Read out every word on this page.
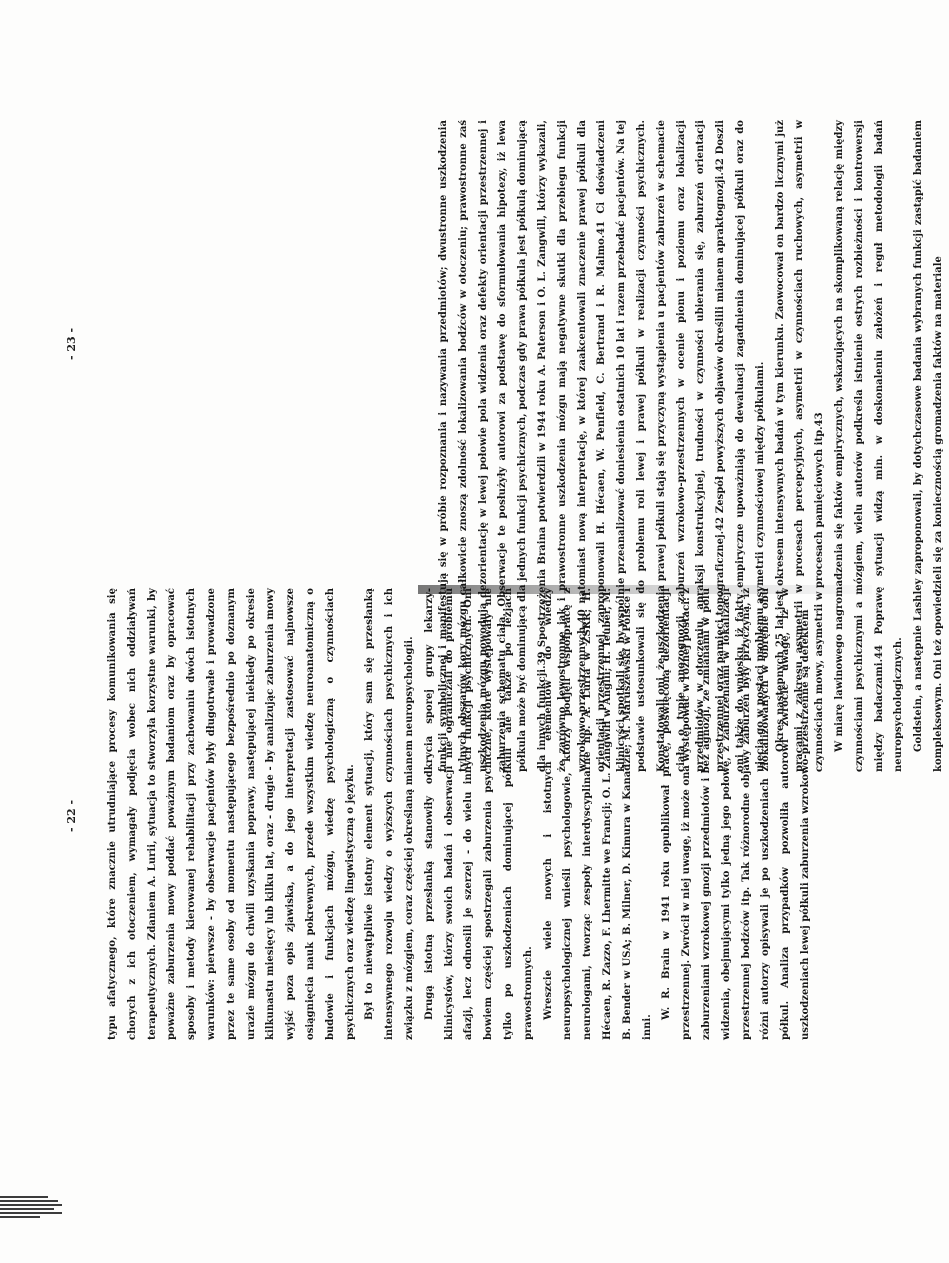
- 22 -
- 23 -

typu afatycznego, które znacznie utrudniające procesy komunikowania się chorych z ich otoczeniem, wymagały podjęcia wobec nich oddziaływań terapeutycznych. Zdaniem A. Lurii, sytuacja to stworzyła korzystne warunki, by poważne zaburzenia mowy poddać poważnym badaniom oraz by opracować sposoby i metody kierowanej rehabilitacji przy zachowaniu dwóch istotnych warunków: pierwsze - by obserwacje pacjentów były długotrwałe i prowadzone przez te same osoby od momentu następującego bezpośrednio po doznanym urazie mózgu do chwili uzyskania poprawy, następującej niekiedy po okresie kilkunastu miesięcy lub kilku lat, oraz - drugie - by analizując zaburzenia mowy wyjść poza opis zjawiska, a do jego interpretacji zastosować najnowsze osiągnięcia nauk pokrewnych, przede wszystkim wiedzę neuroanatomiczną o budowie i funkcjach mózgu, wiedzę psychologiczną o czynnościach psychicznych oraz wiedzę lingwistyczną o języku. Był to niewątpliwie istotny element sytuacji, który sam się przesłanką intensywnego rozwoju wiedzy o wyższych czynnościach psychicznych i ich związku z mózgiem, coraz częściej określaną mianem neuropsychologii. Drugą istotną przesłanką stanowiły odkrycia sporej grupy lekarzy-klinicystów, którzy swoich badań i obserwacji nie ograniczali do problemu afazji, lecz odnosili je szerzej - do wielu innych funkcji psychicznych. Oni bowiem częściej spostrzegali zaburzenia psychiczne, które występowały nie tylko po uszkodzeniach dominującej półkuli ale także po lezjach prawostronnych. Wreszcie wiele nowych i istotnych elementów do wiedzy neuropsychologicznej wnieśli psychologowie, którzy podjęli współpracę z neurologami, tworząc zespoły interdyscyplinarne np. A. Luria w ZSRR; H. Hécaen, R. Zazzo, F. Lhermitte we Francji; O. L. Zangwill w Anglii; H. Teuber, M. B. Bender w USA; B. Milner, D. Kimura w Kanadzie; M. Maruszewski w Polsce i inni.

W. R. Brain w 1941 roku opublikował pracę, poświęconą dezorientacji przestrzennej. Zwrócił w niej uwagę, iż może ona występować w różnej postaci: z zaburzeniami wzrokowej gnozji przedmiotów i bez agnozji, ze zmianami w polu widzenia, obejmującymi tylko jedną jego połowę, z zaburzeniami w lokalizacji przestrzennej bodźców itp. Tak różnorodne objawy zaburzeń były przyczyną, iż różni autorzy opisywali je po uszkodzeniach zlokalizowanych w obrębie obu półkul. Analiza przypadków pozwoliła autorowi zwrócić uwagę, iż w uszkodzeniach lewej półkuli zaburzenia wzrokowo-przestrzenne są defektem

funkcji symbolicznej i manifestują się w próbie rozpoznania i nazywania przedmiotów; dwustronne uszkodzenia tylnych obszarów kory mózgu całkowicie znoszą zdolność lokalizowania bodźców w otoczeniu; prawostronne zaś uszkodzenia mózgu powodują dezorientację w lewej połowie pola widzenia oraz defekty orientacji przestrzennej i zaburzenia schematu ciała. Obserwacje te posłużyły autorowi za podstawę do sformułowania hipotezy, iż lewa półkula może być dominującą dla jednych funkcji psychicznych, podczas gdy prawa półkula jest półkulą dominującą dla innych funkcji.39 Spostrzeżenia Braina potwierdzili w 1944 roku A. Paterson i O. L. Zangwill, którzy wykazali, że zarówno lewostronne jak i prawostronne uszkodzenia mózgu mają negatywne skutki dla przebiegu funkcji wzrokowo-przestrzennych,40 natomiast nową interpretację, w której zaakcentowali znaczenie prawej półkuli dla orientacji przestrzennej, zaproponowali H. Hécaen, W. Penfield, C. Bertrand i R. Malmo.41 Ci doświadczeni klinicyści spotkali się, by wspólnie przeanalizować doniesienia ostatnich 10 lat i razem przebadać pacjentów. Na tej podstawie ustosunkowali się do problemu roli lewej i prawej półkuli w realizacji czynności psychicznych. Konstatowali oni, że uszkodzenia prawej półkuli stają się przyczyną wystąpienia u pacjentów zaburzeń w schemacie ciała o typie anozognozji, zaburzeń wzrokowo-przestrzennych w ocenie pionu i poziomu oraz lokalizacji przedmiotów w otoczeniu, apraksji konstrukcyjnej, trudności w czynności ubierania się, zaburzeń orientacji przestrzennej oraz pamięci topograficznej.42 Zespół powyższych objawów określili mianem apraktognozji.42 Doszli oni także do wniosku, iż fakty empiryczne upoważniają do dewaluacji zagadnienia dominującej półkuli oraz do ujęcia go w postaci problemu asymetrii czynnościowej między półkulami. Okres następnych 25 lat jest okresem intensywnych badań w tym kierunku. Zaowocował on bardzo licznymi już pracami z zakresu asymetrii w procesach percepcyjnych, asymetrii w czynnościach ruchowych, asymetrii w czynnościach mowy, asymetrii w procesach pamięciowych itp.43 W miarę lawinowego nagromadzenia się faktów empirycznych, wskazujących na skomplikowaną relację między czynnościami psychicznymi a mózgiem, wielu autorów podkreśla istnienie ostrych rozbieżności i kontrowersji między badaczami.44 Poprawę sytuacji widzą min. w doskonaleniu założeń i reguł metodologii badań neuropsychologicznych. Goldstein, a następnie Lashley zaproponowali, by dotychczasowe badania wybranych funkcji zastąpić badaniem kompleksowym. Oni też opowiedzieli się za koniecznością gromadzenia faktów na materiale
